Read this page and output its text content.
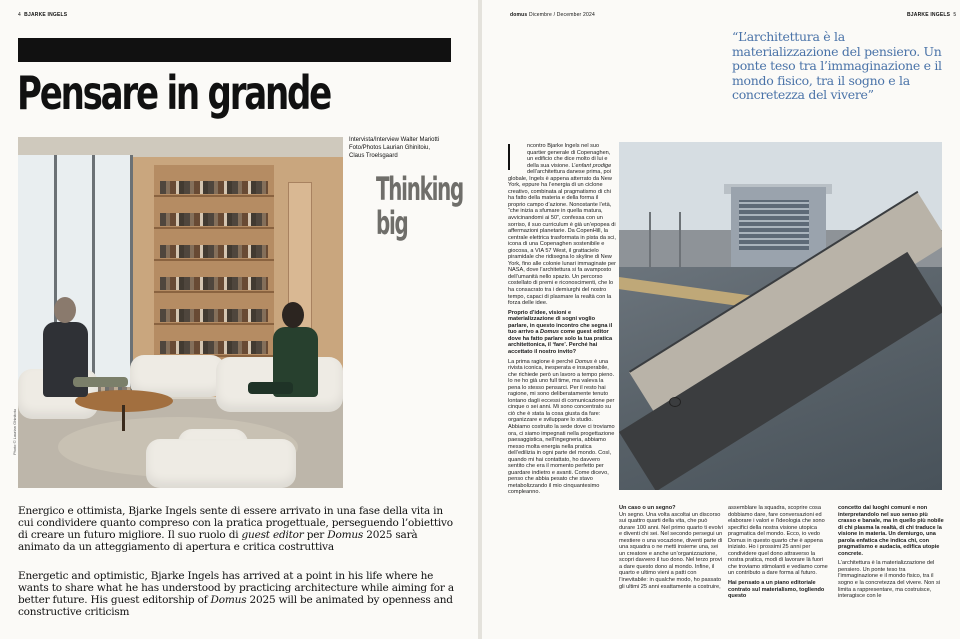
4 BJARKE INGELS
Pensare in grande
Photo © Laurian Ghinitoiu
Intervista/Interview Walter Mariotti
Foto/Photos Laurian Ghinitoiu,
Claus Troelsgaard
Thinking big

Energico e ottimista, Bjarke Ingels sente di essere arrivato in una fase della vita in cui condividere quanto compreso con la pratica progettuale, perseguendo l’obiettivo di creare un futuro migliore. Il suo ruolo di guest editor per Domus 2025 sarà animato da un atteggiamento di apertura e critica costruttiva

Energetic and optimistic, Bjarke Ingels has arrived at a point in his life where he wants to share what he has understood by practicing architecture while aiming for a better future. His guest editorship of Domus 2025 will be animated by openness and constructive criticism

domus Dicembre / December 2024	BJARKE INGELS 5

“L’architettura è la materializzazione del pensiero. Un ponte teso tra l’immaginazione e il mondo fisico, tra il sogno e la concretezza del vivere”

ncontro Bjarke Ingels nel suo quartier generale di Copenaghen, un edificio che dice molto di lui e della sua visione. L’enfant prodige dell’architettura danese prima, poi globale, Ingels è appena atterrato da New York, eppure ha l’energia di un ciclone creativo, combinata al pragmatismo di chi ha fatto della materia e della forma il proprio campo d’azione. Nonostante l’età, “che inizia a sfumare in quella matura, avvicinandomi ai 50”, confessa con un sorriso, il suo curriculum è già un’epopea di affermazioni planetarie. Da CopenHill, la centrale elettrica trasformata in pista da sci, icona di una Copenaghen sostenibile e giocosa, a VIA 57 West, il grattacielo piramidale che ridisegna lo skyline di New York, fino alle colonie lunari immaginate per NASA, dove l’architettura si fa avamposto dell’umanità nello spazio. Un percorso costellato di premi e riconoscimenti, che lo ha consacrato tra i demiurghi del nostro tempo, capaci di plasmare la realtà con la forza delle idee.

Proprio d’idee, visioni e materializzazione di sogni voglio parlare, in questo incontro che segna il tuo arrivo a Domus come guest editor dove ha fatto parlare solo la tua pratica architettonica, il ‘fare’. Perché hai accettato il nostro invito?

La prima ragione è perché Domus è una rivista iconica, inesperata e insuperabile, che richiede però un lavoro a tempo pieno. Io ne ho già uno full time, ma valeva la pena lo stesso pensarci. Per il resto hai ragione, mi sono deliberatamente tenuto lontano dagli eccessi di comunicazione per cinque o sei anni. Mi sono concentrato su ciò che è stata la cosa giusta da fare: organizzare e sviluppare lo studio. Abbiamo costruito la sede dove ci troviamo ora, ci siamo impegnati nella progettazione paesaggistica, nell’ingegneria, abbiamo messo molta energia nella pratica dell’edilizia in ogni parte del mondo. Così, quando mi hai contattato, ho davvero sentito che era il momento perfetto per guardare indietro e avanti. Come dicevo, penso che abbia pesato che stavo metabolizzando il mio cinquantesimo compleanno.

Un caso o un segno?
Un segno. Una volta ascoltai un discorso sui quattro quarti della vita, che può durare 100 anni. Nel primo quarto ti evolvi e diventi chi sei. Nel secondo persegui un mestiere o una vocazione, diventi parte di una squadra o ne metti insieme una, sei un creatore e anche un’organizzazione, scopri davvero il tuo dono. Nel terzo provi a dare questo dono al mondo. Infine, il quarto e ultimo vieni a patti con l’inevitabile: in qualche modo, ho passato gli ultimi 25 anni esattamente a costruire,

assemblare la squadra, scoprire cosa dobbiamo dare, fare conversazioni ed elaborare i valori e l’ideologia che sono specifici della nostra visione utopica pragmatica del mondo. Ecco, io vedo Domus in questo quarto che è appena iniziato. Ho i prossimi 25 anni per condividere quel dono attraverso la nostra pratica, modi di lavorare là fuori che troviamo stimolanti e vediamo come un contributo a dare forma al futuro.

Hai pensato a un piano editoriale contrato sul materialismo, togliendo questo

concetto dai luoghi comuni e non interpretandolo nel suo senso più crasso e banale, ma in quello più nobile di chi plasma la realtà, di chi traduce la visione in materia. Un demiurgo, una parola enfatica che indica chi, con pragmatismo e audacia, edifica utopie concrete.

L’architettura è la materializzazione del pensiero. Un ponte teso tra l’immaginazione e il mondo fisico, tra il sogno e la concretezza del vivere. Non si limita a rappresentare, ma costruisce, interagisce con le
